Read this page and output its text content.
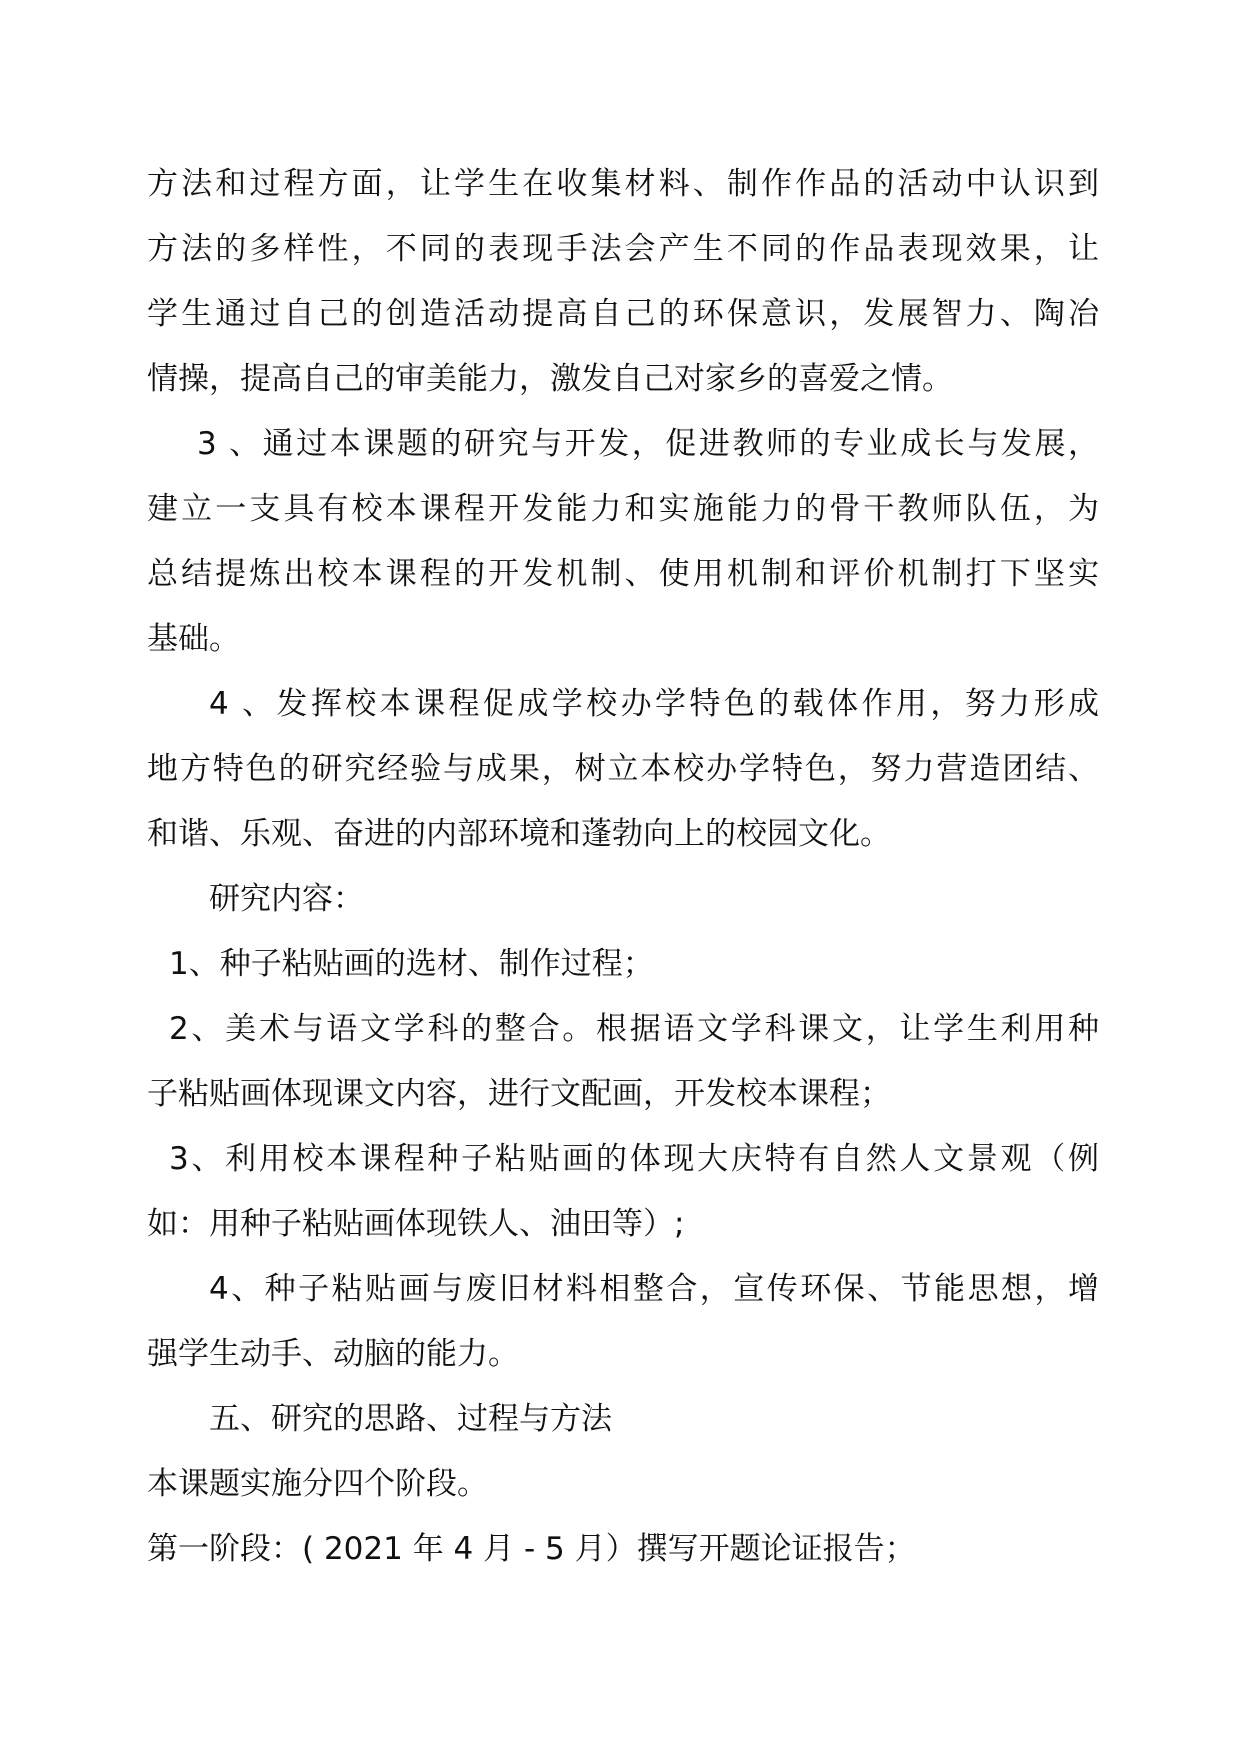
方法和过程方面，让学生在收集材料、制作作品的活动中认识到
方法的多样性，不同的表现手法会产生不同的作品表现效果，让
学生通过自己的创造活动提高自己的环保意识，发展智力、陶冶
情操，提高自己的审美能力，激发自己对家乡的喜爱之情。
3 、通过本课题的研究与开发，促进教师的专业成长与发展，
建立一支具有校本课程开发能力和实施能力的骨干教师队伍，为
总结提炼出校本课程的开发机制、使用机制和评价机制打下坚实
基础。
4 、发挥校本课程促成学校办学特色的载体作用，努力形成
地方特色的研究经验与成果，树立本校办学特色，努力营造团结、
和谐、乐观、奋进的内部环境和蓬勃向上的校园文化。
研究内容：
1、种子粘贴画的选材、制作过程；
2、美术与语文学科的整合。根据语文学科课文，让学生利用种
子粘贴画体现课文内容，进行文配画，开发校本课程；
3、利用校本课程种子粘贴画的体现大庆特有自然人文景观（例
如：用种子粘贴画体现铁人、油田等）;
4、种子粘贴画与废旧材料相整合，宣传环保、节能思想，增
强学生动手、动脑的能力。
五、研究的思路、过程与方法
本课题实施分四个阶段。
第一阶段：( 2021 年 4 月 - 5 月）撰写开题论证报告；
